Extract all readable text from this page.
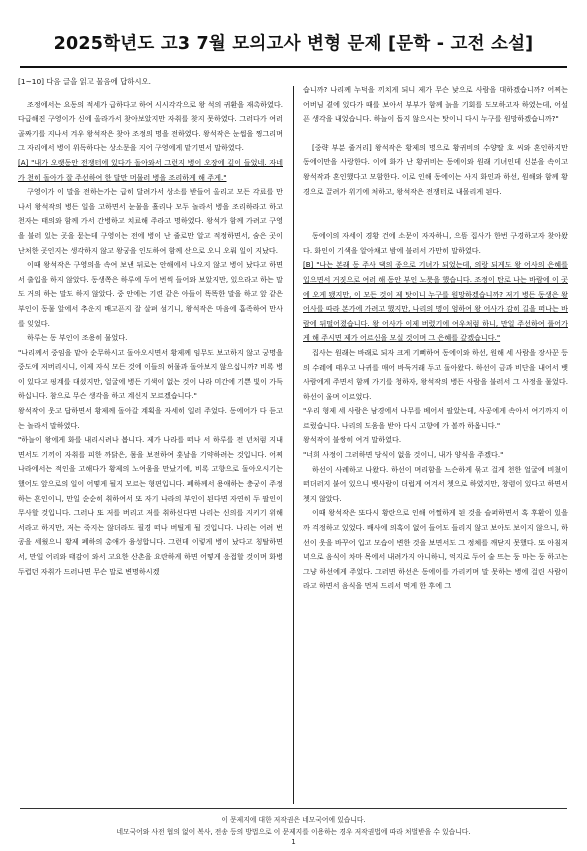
2025학년도 고3 7월 모의고사 변형 문제 [문학 - 고전 소설]
[1~10] 다음 글을 읽고 물음에 답하시오.

조정에서는 요동의 적세가 급하다고 하여 시시각각으로 왕 석의 귀환을 재촉하였다. 다급해진 구영이가 신에 올라가서 찾아보았지만 자취를 찾지 못하였다. 그러다가 여러 골짜기를 지나서 겨우 왕석작은 찾아 조정의 명을 전하였다. 왕석작은 눈썹을 찡그리며 그 자리에서 병이 위독하다는 상소문을 지어 구영에게 맡기면서 말하였다.

[A] "내가 오랫동안 전쟁터에 있다가 돌아와서 그런지 병이 오장에 깊이 들었네. 자네가 천히 돌아가 잘 주선하여 한 달만 머물러 병을 조리하게 해 주게."

구영이가 이 말을 전하는가는 급히 달려가서 상소를 받들어 올리고 모든 각료를 만나서 왕석작의 병든 일을 고하면서 눈물을 흘리나 모두 놀라서 병을 조리하라고 하고 천자는 태의와 함께 가서 간병하고 치료해 주라고 명하였다. 왕석가 함께 가려고 구영을 불러 있는 곳을 묻는데 구영이는 전에 병이 난 줄로만 알고 적정하면서, 숨은 곳이 난처한 곳인지는 생각하지 않고 왕궁을 인도하여 함께 산으로 오니 오뤄 일이 지났다.

이때 왕석작은 구영의을 속여 보낸 뒤로는 안해에서 나오지 않고 병이 났다고 하면서 출입을 하지 않았다. 동생쪽은 하루에 두어 번씩 들어와 보았지만, 있으라고 하는 말도 거의 하는 말도 하지 않았다. 중 안에는 기련 같은 아들이 똑똑한 말을 하고 앞 같은 부인이 동물 앞에서 추운지 배고픈지 잘 살펴 섬기니, 왕석작은 마음에 흡족하여 만사를 잊었다.

하루는 동 부인이 조용히 물었다.

"나리께서 중임을 맡아 순무하시고 돌아오시면서 황제께 임무도 보고하지 않고 궁명을 중도에 저버리시니, 이제 자식 모든 것에 이들의 허물과 돌아보지 않으십니까? 비록 병이 있다고 핑계를 대셨지만, 얼굴에 병든 기색이 없는 것이 나라 미간에 기쁜 빛이 가득하십니다. 참으로 무슨 생각을 하고 계신지 모르겠습니다."

왕석작이 웃고 답하면서 황제께 돌아갈 계획을 자세히 일러 주었다. 동에어가 다 듣고는 놀라서 말하였다.

"하늘이 왕에게 화를 내리시려나 봅니다. 제가 나라를 떠나 서 하루를 전 년처럼 지내면서도 기끼이 자취를 피한 까닭은, 몸을 보전하여 훗날을 기약하려는 것입니다. 어찌 나라에서는 적인을 고해다가 황제의 노여움을 만났기에, 비록 고향으로 돌아오시기는 했어도 앞으로의 일이 어떻게 될지 모르는 형편입니다. 폐하께서 용애하는 충궁이 주정하는 흔인이니, 만일 순순히 취하여서 또 자기 나라의 부인이 된다면 자연히 두 팔인이 무사할 것입니다. 그러나 또 저를 버리고 저를 취하신다면 나리는 신의를 지키기 위해서라고 하지만, 저는 죽지는 않더라도 필경 떠나 버틸게 될 것입니다. 나리는 어려 번 공을 세웠으니 황제 폐하의 총애가 융성합니다. 그런데 이렇게 병이 났다고 칭탈하면서, 만일 어리와 태감이 와서 고요한 산촌을 요란하게 하면 어떻게 응접할 것이며 화병 두렵던 자취가 드러나면 무슨 말로 변명하시겠

습니까? 나리께 누덕을 끼치게 되니 제가 무슨 낯으로 사람을 대하겠습니까? 어찌는 어버님 곁에 있다가 때를 보아서 부부가 함께 늙을 기회를 도모하고자 하였는데, 어설픈 생각을 내었습니다. 하늘이 돕지 않으시는 탓이니 다시 누구를 원망하겠습니까?"

[중략 부분 줄거리] 왕석작은 황제의 명으로 황귀비의 수양딸 호 씨와 혼인하지만 동에이만을 사랑한다. 이에 화가 난 황귀비는 동에이와 원래 기녀인데 신분을 속이고 왕석작과 혼인했다고 모함한다. 이로 인해 동에이는 사지 화인과 하선, 원해와 함께 황경으로 끌려가 위기에 처하고, 왕석작은 전쟁터로 내몰리게 된다.

동에이의 자세이 경황 건에 소문이 자자하니, 으뜸 집사가 한번 구경하고자 찾아왔다. 화인이 기색을 알아채고 밤에 불러서 가만히 말하였다.

[B] "나는 본래 동 주사 댁의 종으로 기녀가 되었는데, 의랑 되게도 왕 어사의 은혜를 입으면서 거짓으로 여러 해 동안 부인 노릇을 했습니다. 조정이 탄로 나는 바람에 이 곳에 오게 됐지만, 이 모든 것이 제 탓이니 누구를 원망하겠습니까? 저기 병든 동생은 왕 어사를 따라 본가에 가려고 했지만, 나리의 명이 엄하여 왕 어사가 감히 길을 떠나는 바람에 뒤떨어졌습니다. 왕 어사가 이제 버렸기에 여우처럼 하니, 만일 주선하여 풀어가게 해 주시면 제가 어르신을 모실 것이며 그 은혜를 갚겠습니다."

집사는 원래는 바래로 되자 크게 기뻐하여 동에이와 하선, 원해 세 사람을 장사꾼 등의 수레에 태우고 나귀를 매어 바둑거래 두고 돌아왔다. 하선이 금과 비단을 내어서 뱃사람에게 주면서 함께 가기를 청하자, 왕석작의 병든 사람을 불러서 그 사정을 물었다. 하선이 울며 이르었다.

"우리 형제 세 사람은 남경에서 나무를 베어서 팔았는데, 사공에게 속아서 여기까지 이르렀습니다. 나리의 도움을 받아 다시 고향에 가 볼까 하옵니다."

왕석작이 불쌍히 여겨 말하였다.

"너희 사정이 그러하면 당식이 없을 것이니, 내가 양식을 주겠다."

하선이 사례하고 나왔다. 하선이 며리함을 느슨하게 묶고 걸게 천한 얼굴에 비쳤이 떠더러지 붙어 있으니 뱃사람이 더럽게 여겨서 쳇으로 하였지만, 창렴이 있다고 하면서 쳇지 않았다.

이때 왕석작은 또다시 황란으로 인해 어쩔하게 된 것을 슬퍼하면서 혹 후환이 있을까 걱정하고 있었다. 배사에 의혹이 없어 들어도 들리지 않고 보아도 보이지 않으니, 하선이 웃을 바꾸어 입고 모습이 변한 것을 보면서도 그 정체를 깨닫지 못했다. 또 아침저녁으로 음식이 차마 목에서 내려가지 아니하니, 억지로 두어 술 뜨는 둥 마는 둥 하고는 그냥 하선에게 주었다. 그러면 하선은 동에이를 가리키며 말 못하는 병에 걸린 사람이라고 하면서 음식을 먼저 드리서 먹게 한 후에 그

이 문제지에 대한 저작권은 네모국어에 있습니다.
네모국어와 사전 협의 없이 복사, 전송 등의 방법으로 이 문제지를 이용하는 경우 저작권법에 따라 처벌받을 수 있습니다.
1
